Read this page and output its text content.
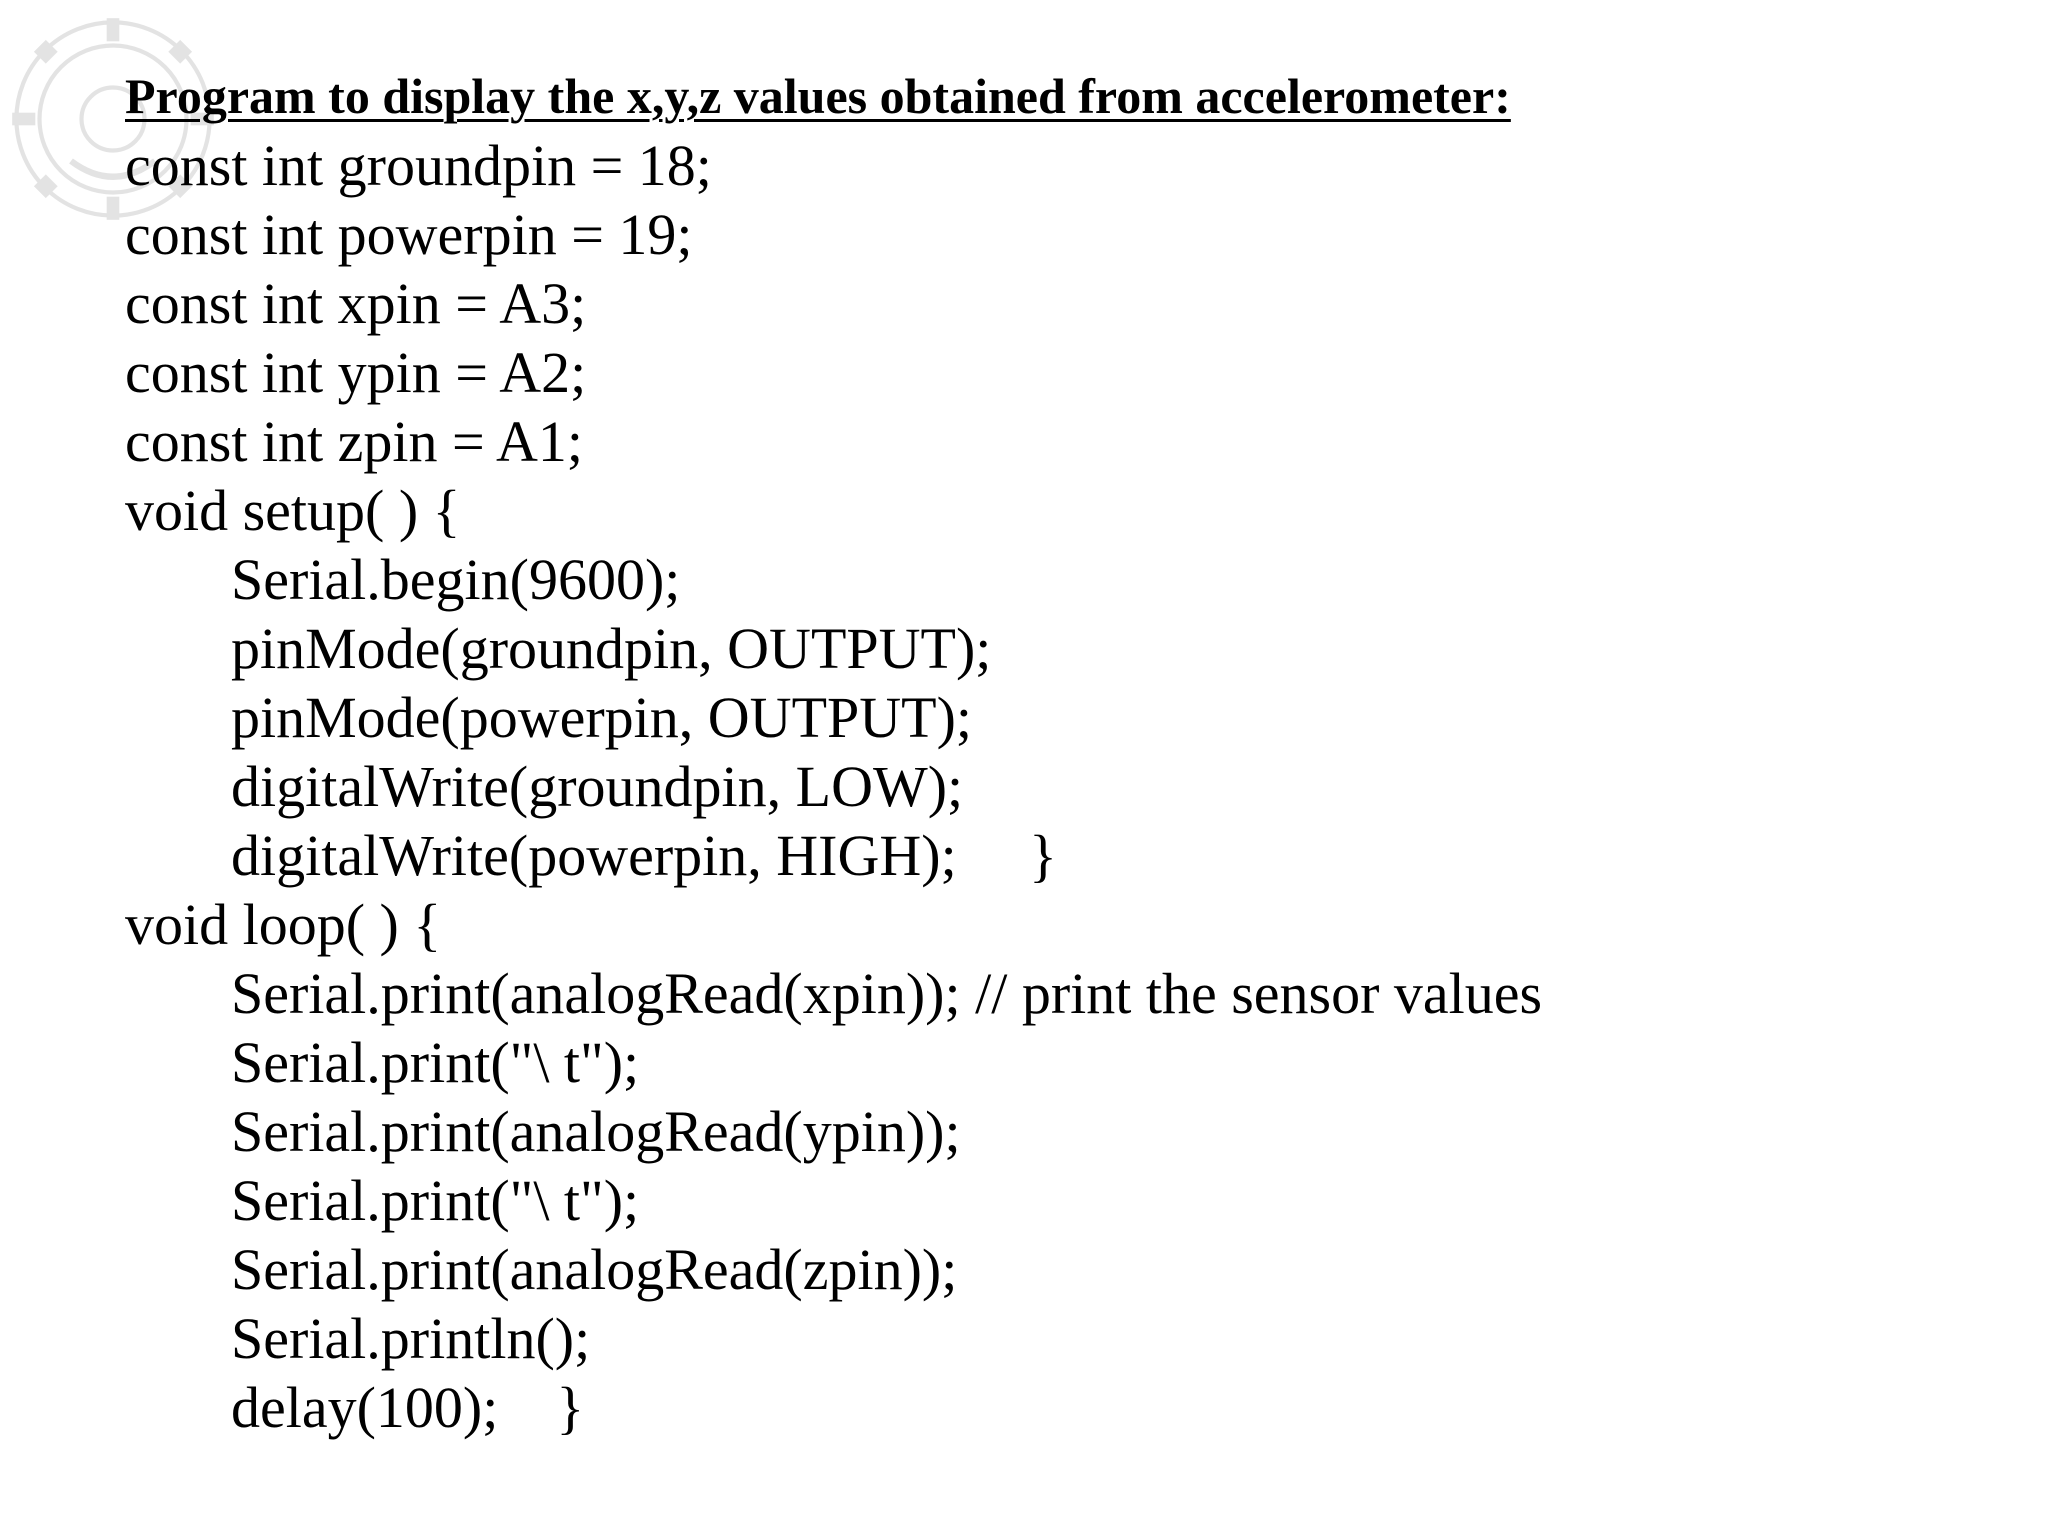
Program to display the x,y,z values obtained from accelerometer:

const int groundpin = 18;

const int powerpin = 19;

const int xpin = A3;

const int ypin = A2;

const int zpin = A1;

void setup( ) {

Serial.begin(9600);

pinMode(groundpin, OUTPUT);

pinMode(powerpin, OUTPUT);

digitalWrite(groundpin, LOW);

digitalWrite(powerpin, HIGH);     }

void loop( ) {

Serial.print(analogRead(xpin)); // print the sensor values

Serial.print("\ t");

Serial.print(analogRead(ypin));

Serial.print("\ t");

Serial.print(analogRead(zpin));

Serial.println();

delay(100);    }
